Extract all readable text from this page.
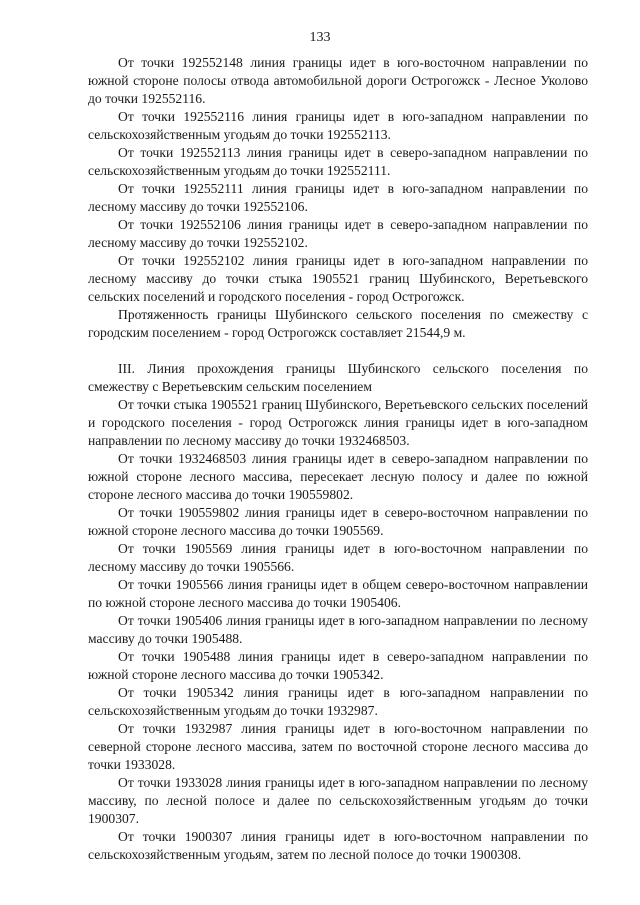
133

От точки 192552148 линия границы идет в юго-восточном направлении по южной стороне полосы отвода автомобильной дороги Острогожск - Лесное Уколово до точки 192552116.

От точки 192552116 линия границы идет в юго-западном направлении по сельскохозяйственным угодьям до точки 192552113.

От точки 192552113 линия границы идет в северо-западном направлении по сельскохозяйственным угодьям до точки 192552111.

От точки 192552111 линия границы идет в юго-западном направлении по лесному массиву до точки 192552106.

От точки 192552106 линия границы идет в северо-западном направлении по лесному массиву до точки 192552102.

От точки 192552102 линия границы идет в юго-западном направлении по лесному массиву до точки стыка 1905521 границ Шубинского, Веретьевского сельских поселений и городского поселения - город Острогожск.

Протяженность границы Шубинского сельского поселения по смежеству с городским поселением - город Острогожск составляет 21544,9 м.

III. Линия прохождения границы Шубинского сельского поселения по смежеству с Веретьевским сельским поселением

От точки стыка 1905521 границ Шубинского, Веретьевского сельских поселений и городского поселения - город Острогожск линия границы идет в юго-западном направлении по лесному массиву до точки 1932468503.

От точки 1932468503 линия границы идет в северо-западном направлении по южной стороне лесного массива, пересекает лесную полосу и далее по южной стороне лесного массива до точки 190559802.

От точки 190559802 линия границы идет в северо-восточном направлении по южной стороне лесного массива до точки 1905569.

От точки 1905569 линия границы идет в юго-восточном направлении по лесному массиву до точки 1905566.

От точки 1905566 линия границы идет в общем северо-восточном направлении по южной стороне лесного массива до точки 1905406.

От точки 1905406 линия границы идет в юго-западном направлении по лесному массиву до точки 1905488.

От точки 1905488 линия границы идет в северо-западном направлении по южной стороне лесного массива до точки 1905342.

От точки 1905342 линия границы идет в юго-западном направлении по сельскохозяйственным угодьям до точки 1932987.

От точки 1932987 линия границы идет в юго-восточном направлении по северной стороне лесного массива, затем по восточной стороне лесного массива до точки 1933028.

От точки 1933028 линия границы идет в юго-западном направлении по лесному массиву, по лесной полосе и далее по сельскохозяйственным угодьям до точки 1900307.

От точки 1900307 линия границы идет в юго-восточном направлении по сельскохозяйственным угодьям, затем по лесной полосе до точки 1900308.
